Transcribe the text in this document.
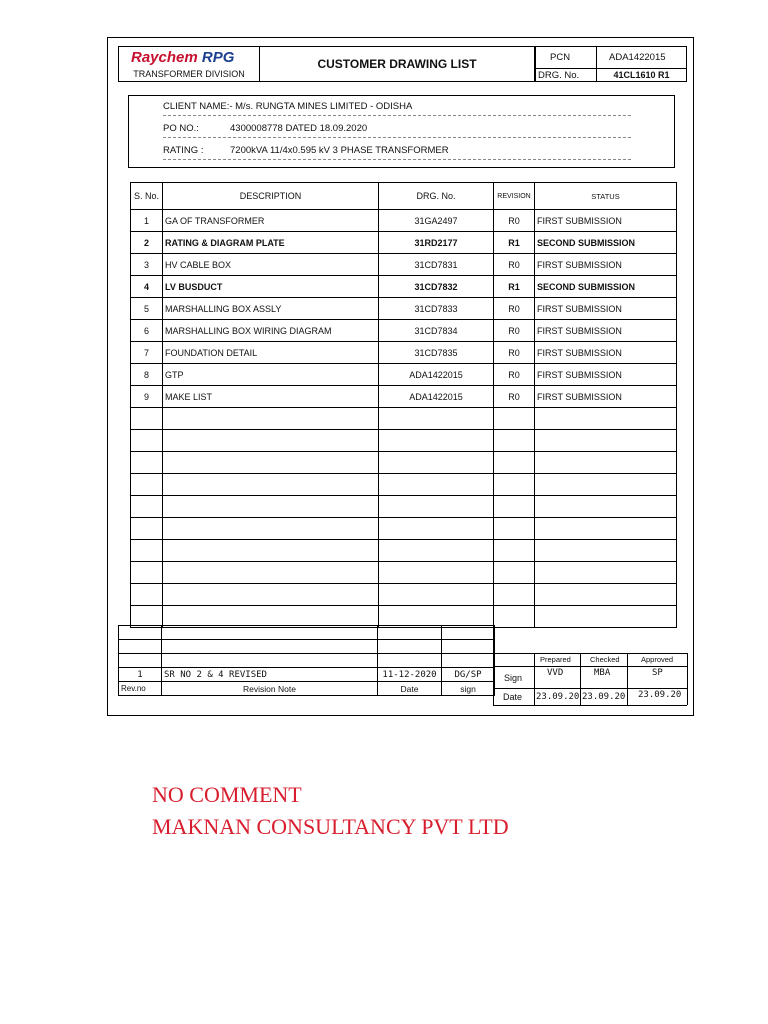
Raychem RPG
TRANSFORMER DIVISION
CUSTOMER DRAWING LIST	PCN	ADA1422015
DRG. No.	41CL1610 R1
CLIENT NAME:- M/s. RUNGTA MINES LIMITED - ODISHA
PO NO.:	4300008778 DATED 18.09.2020
RATING :	7200kVA 11/4x0.595 kV 3 PHASE TRANSFORMER
S. No.	DESCRIPTION	DRG. No.	REVISION	STATUS
1	GA OF TRANSFORMER	31GA2497	R0	FIRST SUBMISSION
2	RATING & DIAGRAM PLATE	31RD2177	R1	SECOND SUBMISSION
3	HV CABLE BOX	31CD7831	R0	FIRST SUBMISSION
4	LV BUSDUCT	31CD7832	R1	SECOND SUBMISSION
5	MARSHALLING BOX ASSLY	31CD7833	R0	FIRST SUBMISSION
6	MARSHALLING BOX WIRING DIAGRAM	31CD7834	R0	FIRST SUBMISSION
7	FOUNDATION DETAIL	31CD7835	R0	FIRST SUBMISSION
8	GTP	ADA1422015	R0	FIRST SUBMISSION
9	MAKE LIST	ADA1422015	R0	FIRST SUBMISSION

1	SR NO 2 & 4 REVISED	11-12-2020	DG/SP
Rev.no	Revision Note	Date	sign
Prepared	Checked	Approved
Sign	VVD	MBA	SP
Date 23.09.20 23.09.20 23.09.20
NO COMMENT
MAKNAN CONSULTANCY PVT LTD
